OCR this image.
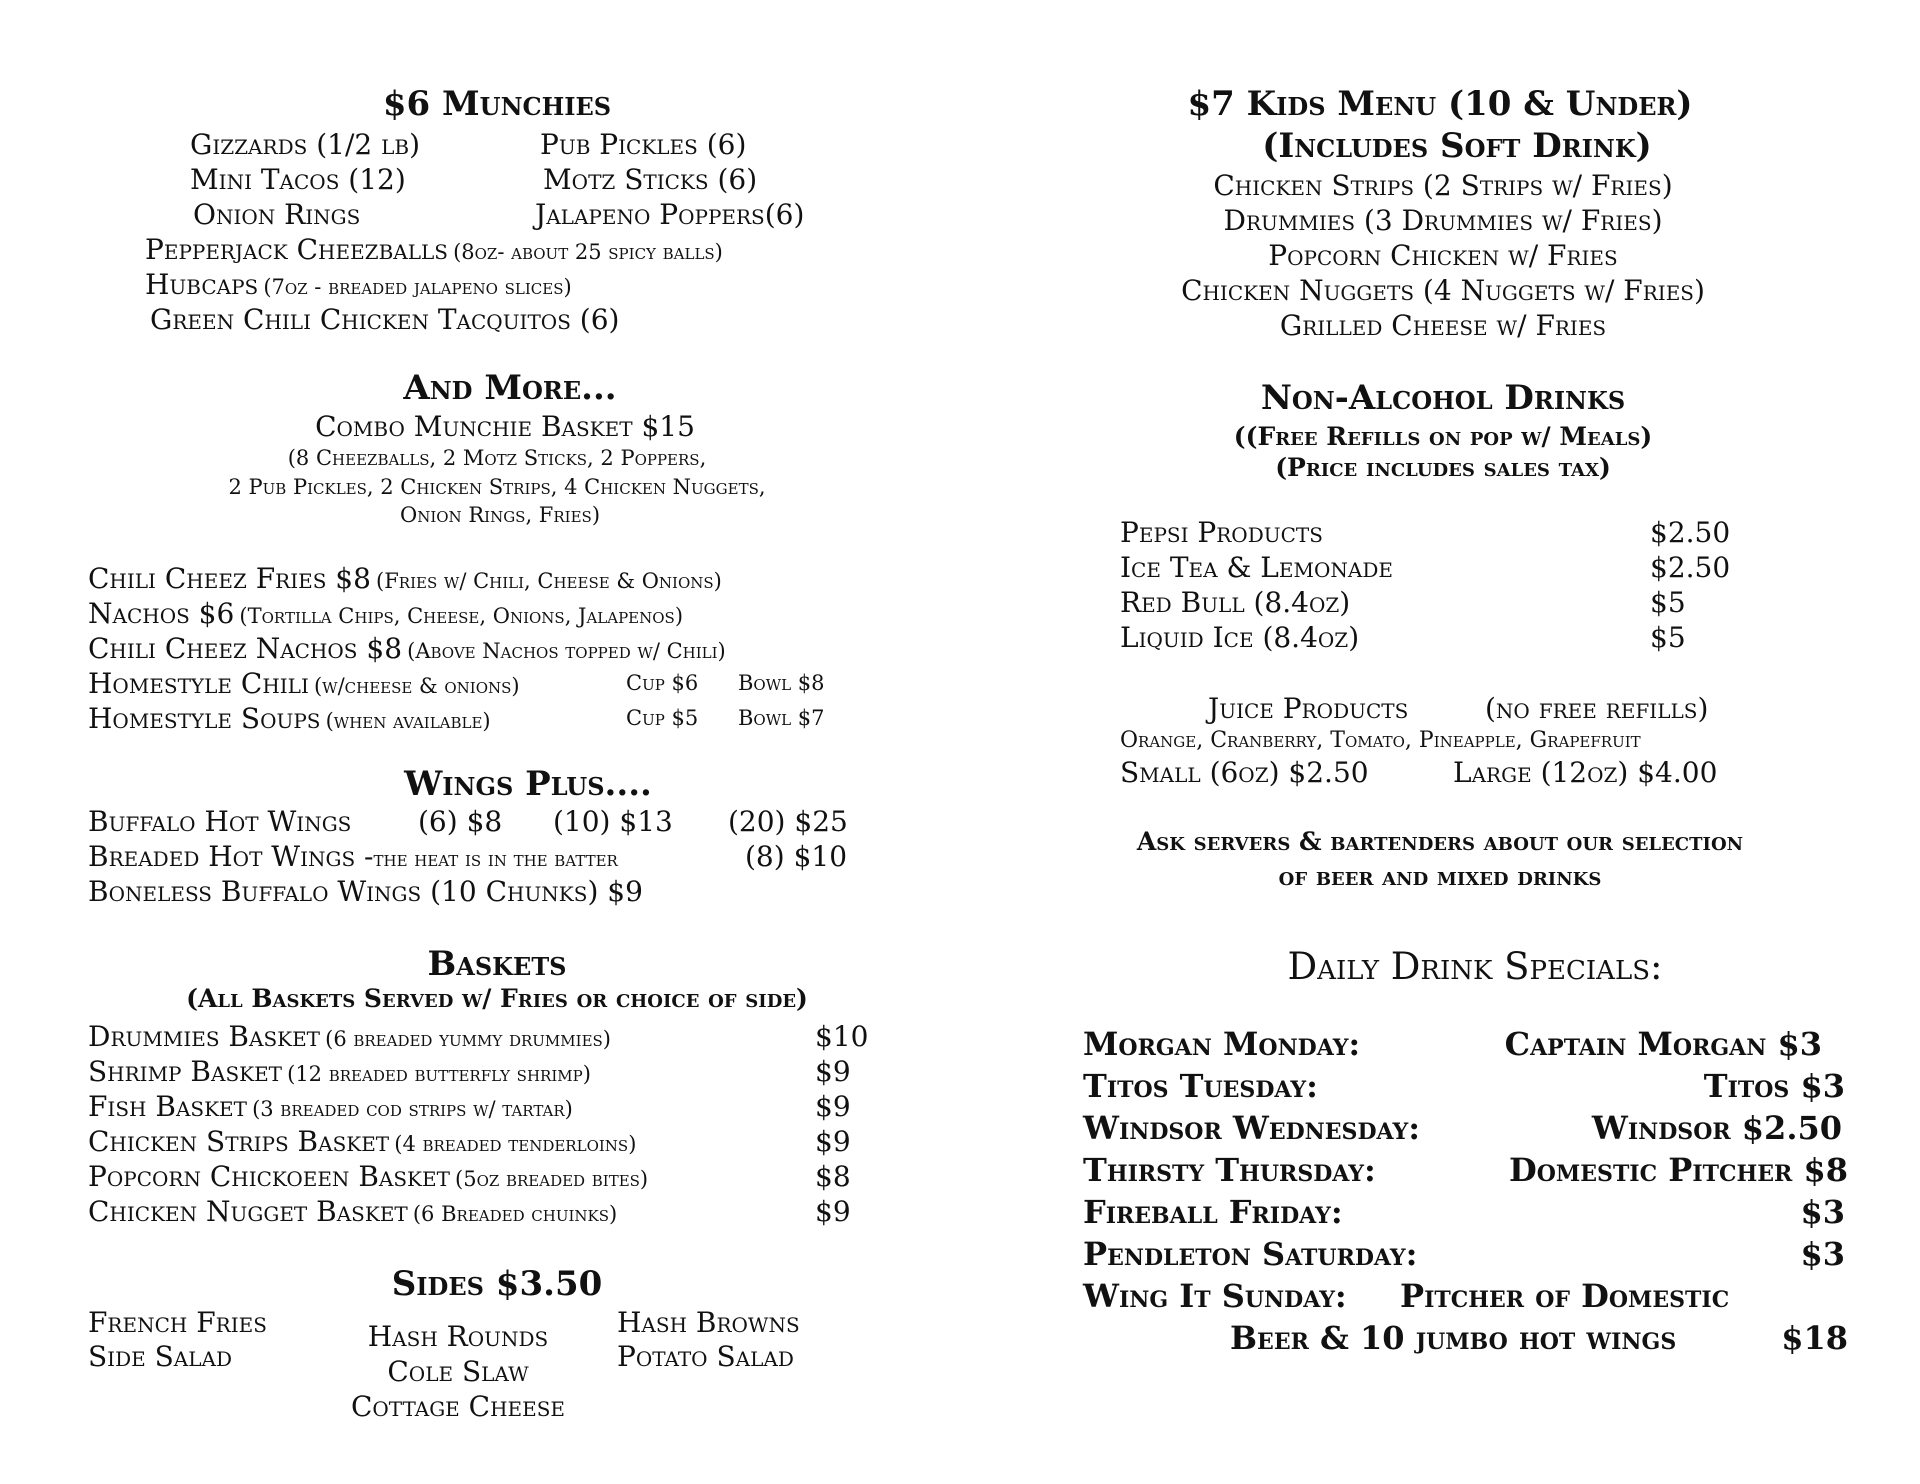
$6 Munchies
Gizzards (1/2 lb)	Pub Pickles (6)
Mini Tacos (12)	Motz Sticks (6)
Onion Rings	Jalapeno Poppers(6)
Pepperjack Cheezballs (8oz- about 25 spicy balls)
Hubcaps (7oz - breaded jalapeno slices)
Green Chili Chicken Tacquitos (6)
And More...
Combo Munchie Basket $15
(8 Cheezballs, 2 Motz Sticks, 2 Poppers,
2 Pub Pickles, 2 Chicken Strips, 4 Chicken Nuggets,
Onion Rings, Fries)
Chili Cheez Fries $8 (Fries w/ Chili, Cheese & Onions)
Nachos $6 (Tortilla Chips, Cheese, Onions, Jalapenos)
Chili Cheez Nachos $8 (Above Nachos topped w/ Chili)
Homestyle Chili (w/cheese & onions)	Cup $6 Bowl $8
Homestyle Soups (when available)	Cup $5 Bowl $7
Wings Plus....
Buffalo Hot Wings (6) $8 (10) $13 (20) $25
Breaded Hot Wings -the heat is in the batter	(8) $10
Boneless Buffalo Wings (10 Chunks) $9
Baskets
(All Baskets Served w/ Fries or choice of side)
Drummies Basket (6 breaded yummy drummies)	$10
Shrimp Basket (12 breaded butterfly shrimp)	$9
Fish Basket (3 breaded cod strips w/ tartar)	$9
Chicken Strips Basket (4 breaded tenderloins)	$9
Popcorn Chickoeen Basket (5oz breaded bites)	$8
Chicken Nugget Basket (6 Breaded chuinks)	$9
Sides $3.50
French Fries
Side Salad
Hash Rounds
Cole Slaw
Cottage Cheese
Hash Browns
Potato Salad
$7 Kids Menu (10 & Under)
(Includes Soft Drink)
Chicken Strips (2 Strips w/ Fries)
Drummies (3 Drummies w/ Fries)
Popcorn Chicken w/ Fries
Chicken Nuggets (4 Nuggets w/ Fries)
Grilled Cheese w/ Fries
Non-Alcohol Drinks
((Free Refills on pop w/ Meals)
(Price includes sales tax)
Pepsi Products	$2.50
Ice Tea & Lemonade	$2.50
Red Bull (8.4oz)	$5
Liquid Ice (8.4oz)	$5
Juice Products	(no free refills)
Orange, Cranberry, Tomato, Pineapple, Grapefruit
Small (6oz) $2.50	Large (12oz) $4.00
Ask servers & bartenders about our selection
of beer and mixed drinks
Daily Drink Specials:
Morgan Monday:	Captain Morgan $3
Titos Tuesday:	Titos $3
Windsor Wednesday:	Windsor $2.50
Thirsty Thursday:	Domestic Pitcher $8
Fireball Friday:	$3
Pendleton Saturday:	$3
Wing It Sunday: Pitcher of Domestic
Beer & 10 jumbo hot wings	$18
